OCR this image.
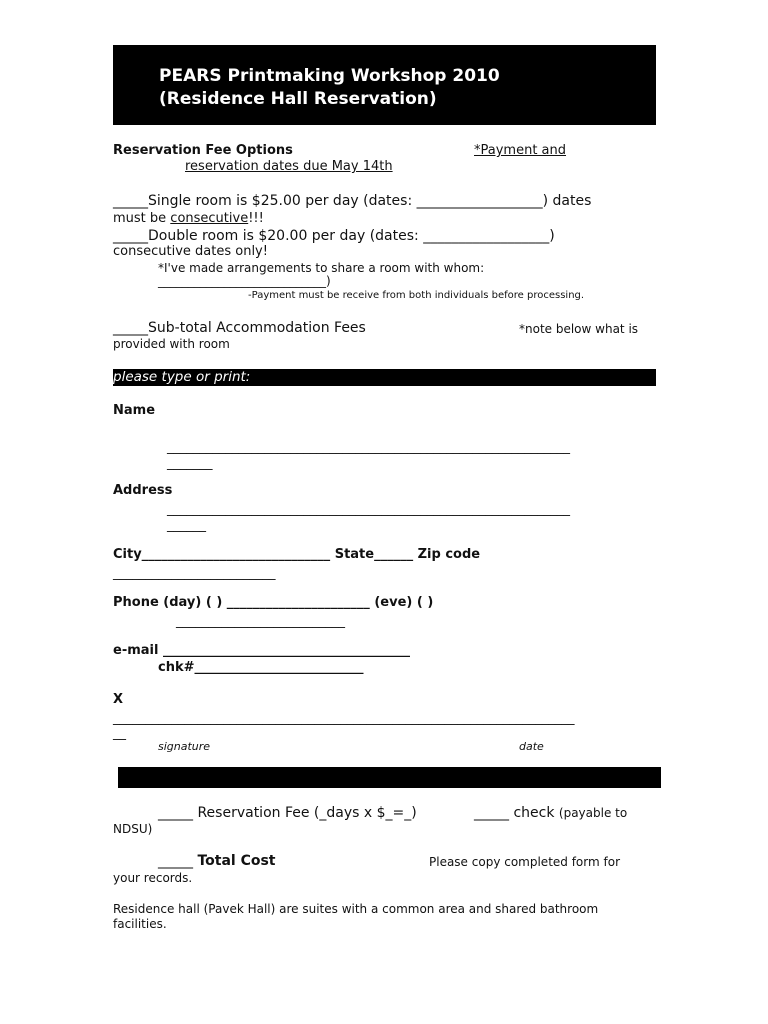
PEARS Printmaking Workshop 2010
(Residence Hall Reservation)
Reservation Fee Options	*Payment and
reservation dates due May 14th
_____Single room is $25.00 per day (dates: __________________) dates
must be consecutive!!!
_____Double room is $20.00 per day (dates: __________________)
consecutive dates only!
*I've made arrangements to share a room with whom:
____________________________)
-Payment must be receive from both individuals before processing.
_____Sub-total Accommodation Fees	*note below what is
provided with room
please type or print:
Name
______________________________________________________________
_______
Address
______________________________________________________________
______
City_____________________________ State______ Zip code
_________________________
Phone (day) ( ) ______________________ (eve) ( )
__________________________
e-mail ______________________________________
chk#__________________________
X
_______________________________________________________________________
__
signature	date
_____ Reservation Fee (_days x $_=_)	_____ check (payable to
NDSU)
_____ Total Cost	Please copy completed form for
your records.
Residence hall (Pavek Hall) are suites with a common area and shared bathroom
facilities.
